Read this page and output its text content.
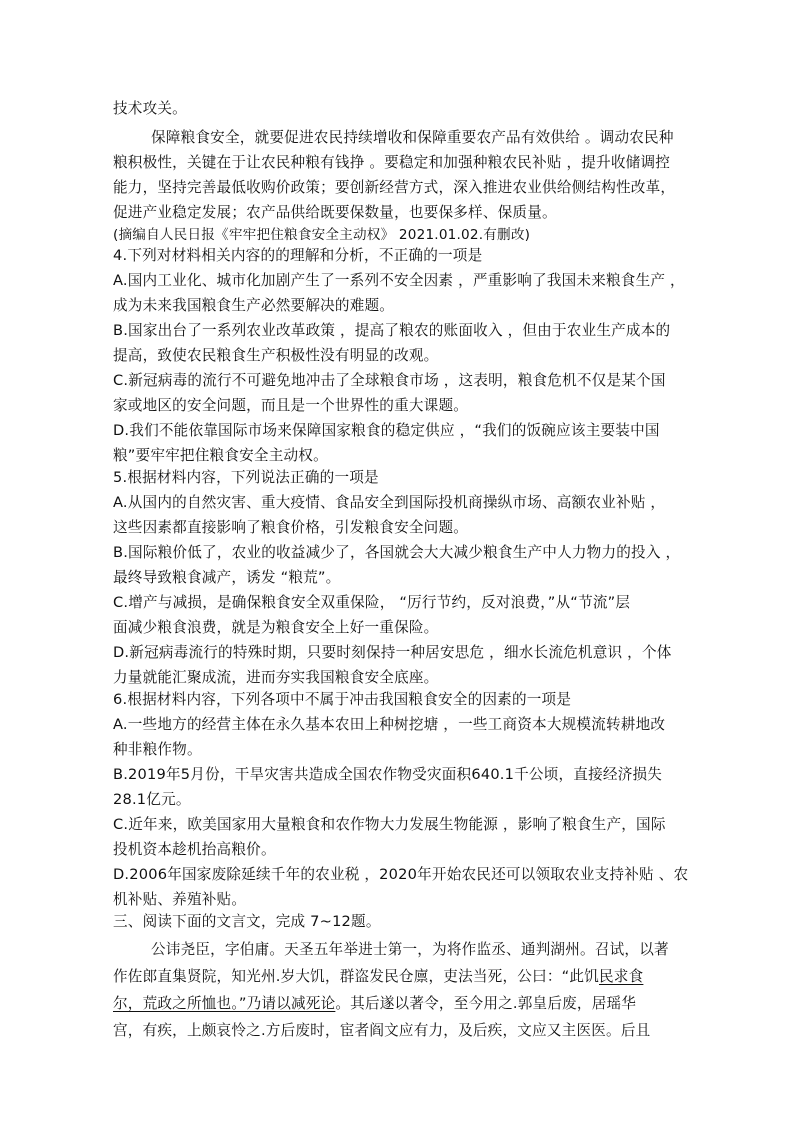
技术攻关。
保障粮食安全，就要促进农民持续增收和保障重要农产品有效供给 。调动农民种
粮积极性，关键在于让农民种粮有钱挣 。要稳定和加强种粮农民补贴 ，提升收储调控
能力，坚持完善最低收购价政策；要创新经营方式，深入推进农业供给侧结构性改革，
促进产业稳定发展；农产品供给既要保数量，也要保多样、保质量。
(摘编自人民日报《牢牢把住粮食安全主动权》 2021.01.02.有删改)
4.下列对材料相关内容的的理解和分析，不正确的一项是
A.国内工业化、城市化加剧产生了一系列不安全因素 ，严重影响了我国未来粮食生产 ，
成为未来我国粮食生产必然要解决的难题。
B.国家出台了一系列农业改革政策 ，提高了粮农的账面收入 ，但由于农业生产成本的
提高，致使农民粮食生产积极性没有明显的改观。
C.新冠病毒的流行不可避免地冲击了全球粮食市场 ，这表明，粮食危机不仅是某个国
家或地区的安全问题，而且是一个世界性的重大课题。
D.我们不能依靠国际市场来保障国家粮食的稳定供应 ，“我们的饭碗应该主要装中国
粮”要牢牢把住粮食安全主动权。
5.根据材料内容，下列说法正确的一项是
A.从国内的自然灾害、重大疫情、食品安全到国际投机商操纵市场、高额农业补贴 ，
这些因素都直接影响了粮食价格，引发粮食安全问题。
B.国际粮价低了，农业的收益减少了，各国就会大大减少粮食生产中人力物力的投入 ，
最终导致粮食减产，诱发 “粮荒”。
C.增产与减损，是确保粮食安全双重保险， “厉行节约，反对浪费，”从“节流”层
面减少粮食浪费，就是为粮食安全上好一重保险。
D.新冠病毒流行的特殊时期，只要时刻保持一种居安思危 ，细水长流危机意识 ，个体
力量就能汇聚成流，进而夯实我国粮食安全底座。
6.根据材料内容，下列各项中不属于冲击我国粮食安全的因素的一项是
A.一些地方的经营主体在永久基本农田上种树挖塘 ，一些工商资本大规模流转耕地改
种非粮作物。
B.2019年5月份，干旱灾害共造成全国农作物受灾面积640.1千公顷，直接经济损失
28.1亿元。
C.近年来，欧美国家用大量粮食和农作物大力发展生物能源 ，影响了粮食生产，国际
投机资本趁机抬高粮价。
D.2006年国家废除延续千年的农业税 ，2020年开始农民还可以领取农业支持补贴 、农
机补贴、养殖补贴。
三、阅读下面的文言文，完成 7~12题。
公讳尧臣，字伯庸。天圣五年举进士第一，为将作监丞、通判湖州。召试，以著
作佐郎直集贤院，知光州.岁大饥，群盗发民仓廪，吏法当死，公曰：“此饥民求食
尔，荒政之所恤也。”乃请以减死论。其后遂以著令，至今用之.郭皇后废，居瑶华
宫，有疾，上颇哀怜之.方后废时，宦者阎文应有力，及后疾，文应又主医医。后且
